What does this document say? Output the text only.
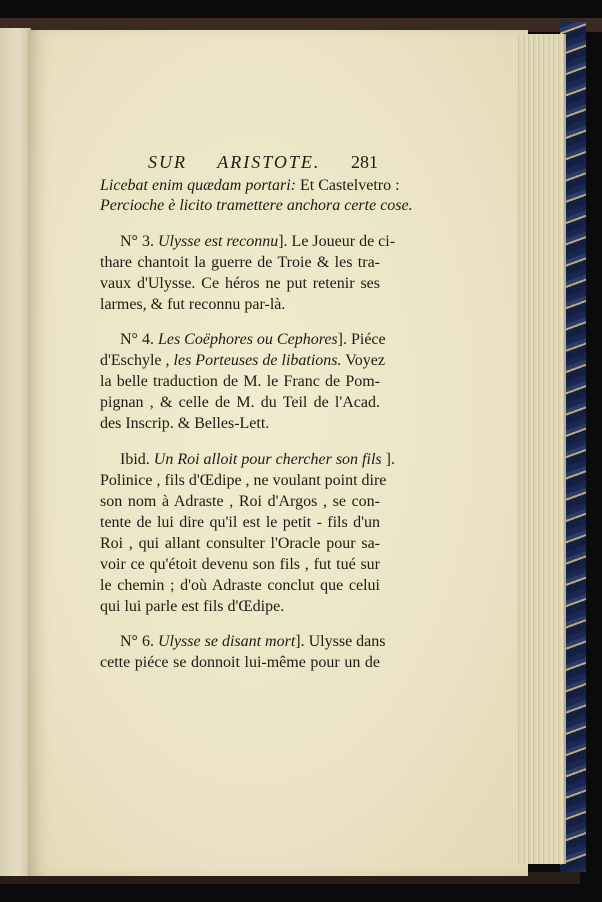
SUR ARISTOTE. 281
Licebat enim quædam portari: Et Castelvetro :
Percioche è licito trametterе anchora certe cose.
N° 3. Ulysse est reconnu]. Le Joueur de ci-
thare chantoit la guerre de Troie & les tra-
vaux d'Ulysse. Ce héros ne put retenir ses
larmes, & fut reconnu par-là.
N° 4. Les Coëphores ou Cephores]. Piéce
d'Eschyle , les Porteuses de libations. Voyez
la belle traduction de M. le Franc de Pom-
pignan , & celle de M. du Teil de l'Acad.
des Inscrip. & Belles-Lett.
Ibid. Un Roi alloit pour chercher son fils ].
Polinice , fils d'Œdipe , ne voulant point dire
son nom à Adraste , Roi d'Argos , se con-
tente de lui dire qu'il est le petit - fils d'un
Roi , qui allant consulter l'Oracle pour sa-
voir ce qu'étoit devenu son fils , fut tué sur
le chemin ; d'où Adraste conclut que celui
qui lui parle est fils d'Œdipe.
N° 6. Ulysse se disant mort]. Ulysse dans
cette piéce se donnoit lui-même pour un de
